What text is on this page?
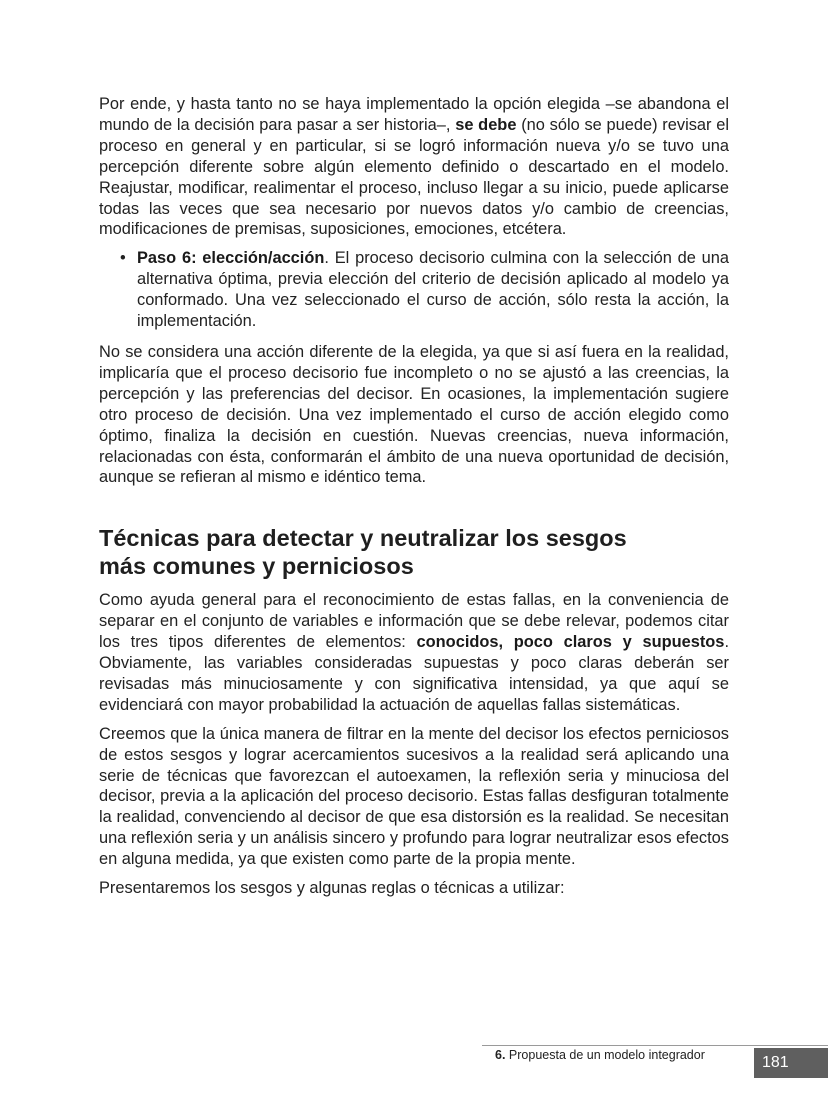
Por ende, y hasta tanto no se haya implementado la opción elegida –se abandona el mundo de la decisión para pasar a ser historia–, se debe (no sólo se puede) revisar el proceso en general y en particular, si se logró información nueva y/o se tuvo una percepción diferente sobre algún elemento definido o descartado en el modelo. Reajustar, modificar, realimentar el proceso, incluso llegar a su inicio, puede aplicarse todas las veces que sea necesario por nuevos datos y/o cambio de creencias, modificaciones de premisas, suposiciones, emociones, etcétera.

• Paso 6: elección/acción. El proceso decisorio culmina con la selección de una alternativa óptima, previa elección del criterio de decisión aplicado al modelo ya conformado. Una vez seleccionado el curso de acción, sólo resta la acción, la implementación.

No se considera una acción diferente de la elegida, ya que si así fuera en la realidad, implicaría que el proceso decisorio fue incompleto o no se ajustó a las creencias, la percepción y las preferencias del decisor. En ocasiones, la implementación sugiere otro proceso de decisión. Una vez implementado el curso de acción elegido como óptimo, finaliza la decisión en cuestión. Nuevas creencias, nueva información, relacionadas con ésta, conformarán el ámbito de una nueva oportunidad de decisión, aunque se refieran al mismo e idéntico tema.

Técnicas para detectar y neutralizar los sesgos más comunes y perniciosos

Como ayuda general para el reconocimiento de estas fallas, en la conveniencia de separar en el conjunto de variables e información que se debe relevar, podemos citar los tres tipos diferentes de elementos: conocidos, poco claros y supuestos. Obviamente, las variables consideradas supuestas y poco claras deberán ser revisadas más minuciosamente y con significativa intensidad, ya que aquí se evidenciará con mayor probabilidad la actuación de aquellas fallas sistemáticas.

Creemos que la única manera de filtrar en la mente del decisor los efectos perniciosos de estos sesgos y lograr acercamientos sucesivos a la realidad será aplicando una serie de técnicas que favorezcan el autoexamen, la reflexión seria y minuciosa del decisor, previa a la aplicación del proceso decisorio. Estas fallas desfiguran totalmente la realidad, convenciendo al decisor de que esa distorsión es la realidad. Se necesitan una reflexión seria y un análisis sincero y profundo para lograr neutralizar esos efectos en alguna medida, ya que existen como parte de la propia mente.

Presentaremos los sesgos y algunas reglas o técnicas a utilizar:

6. Propuesta de un modelo integrador	181
